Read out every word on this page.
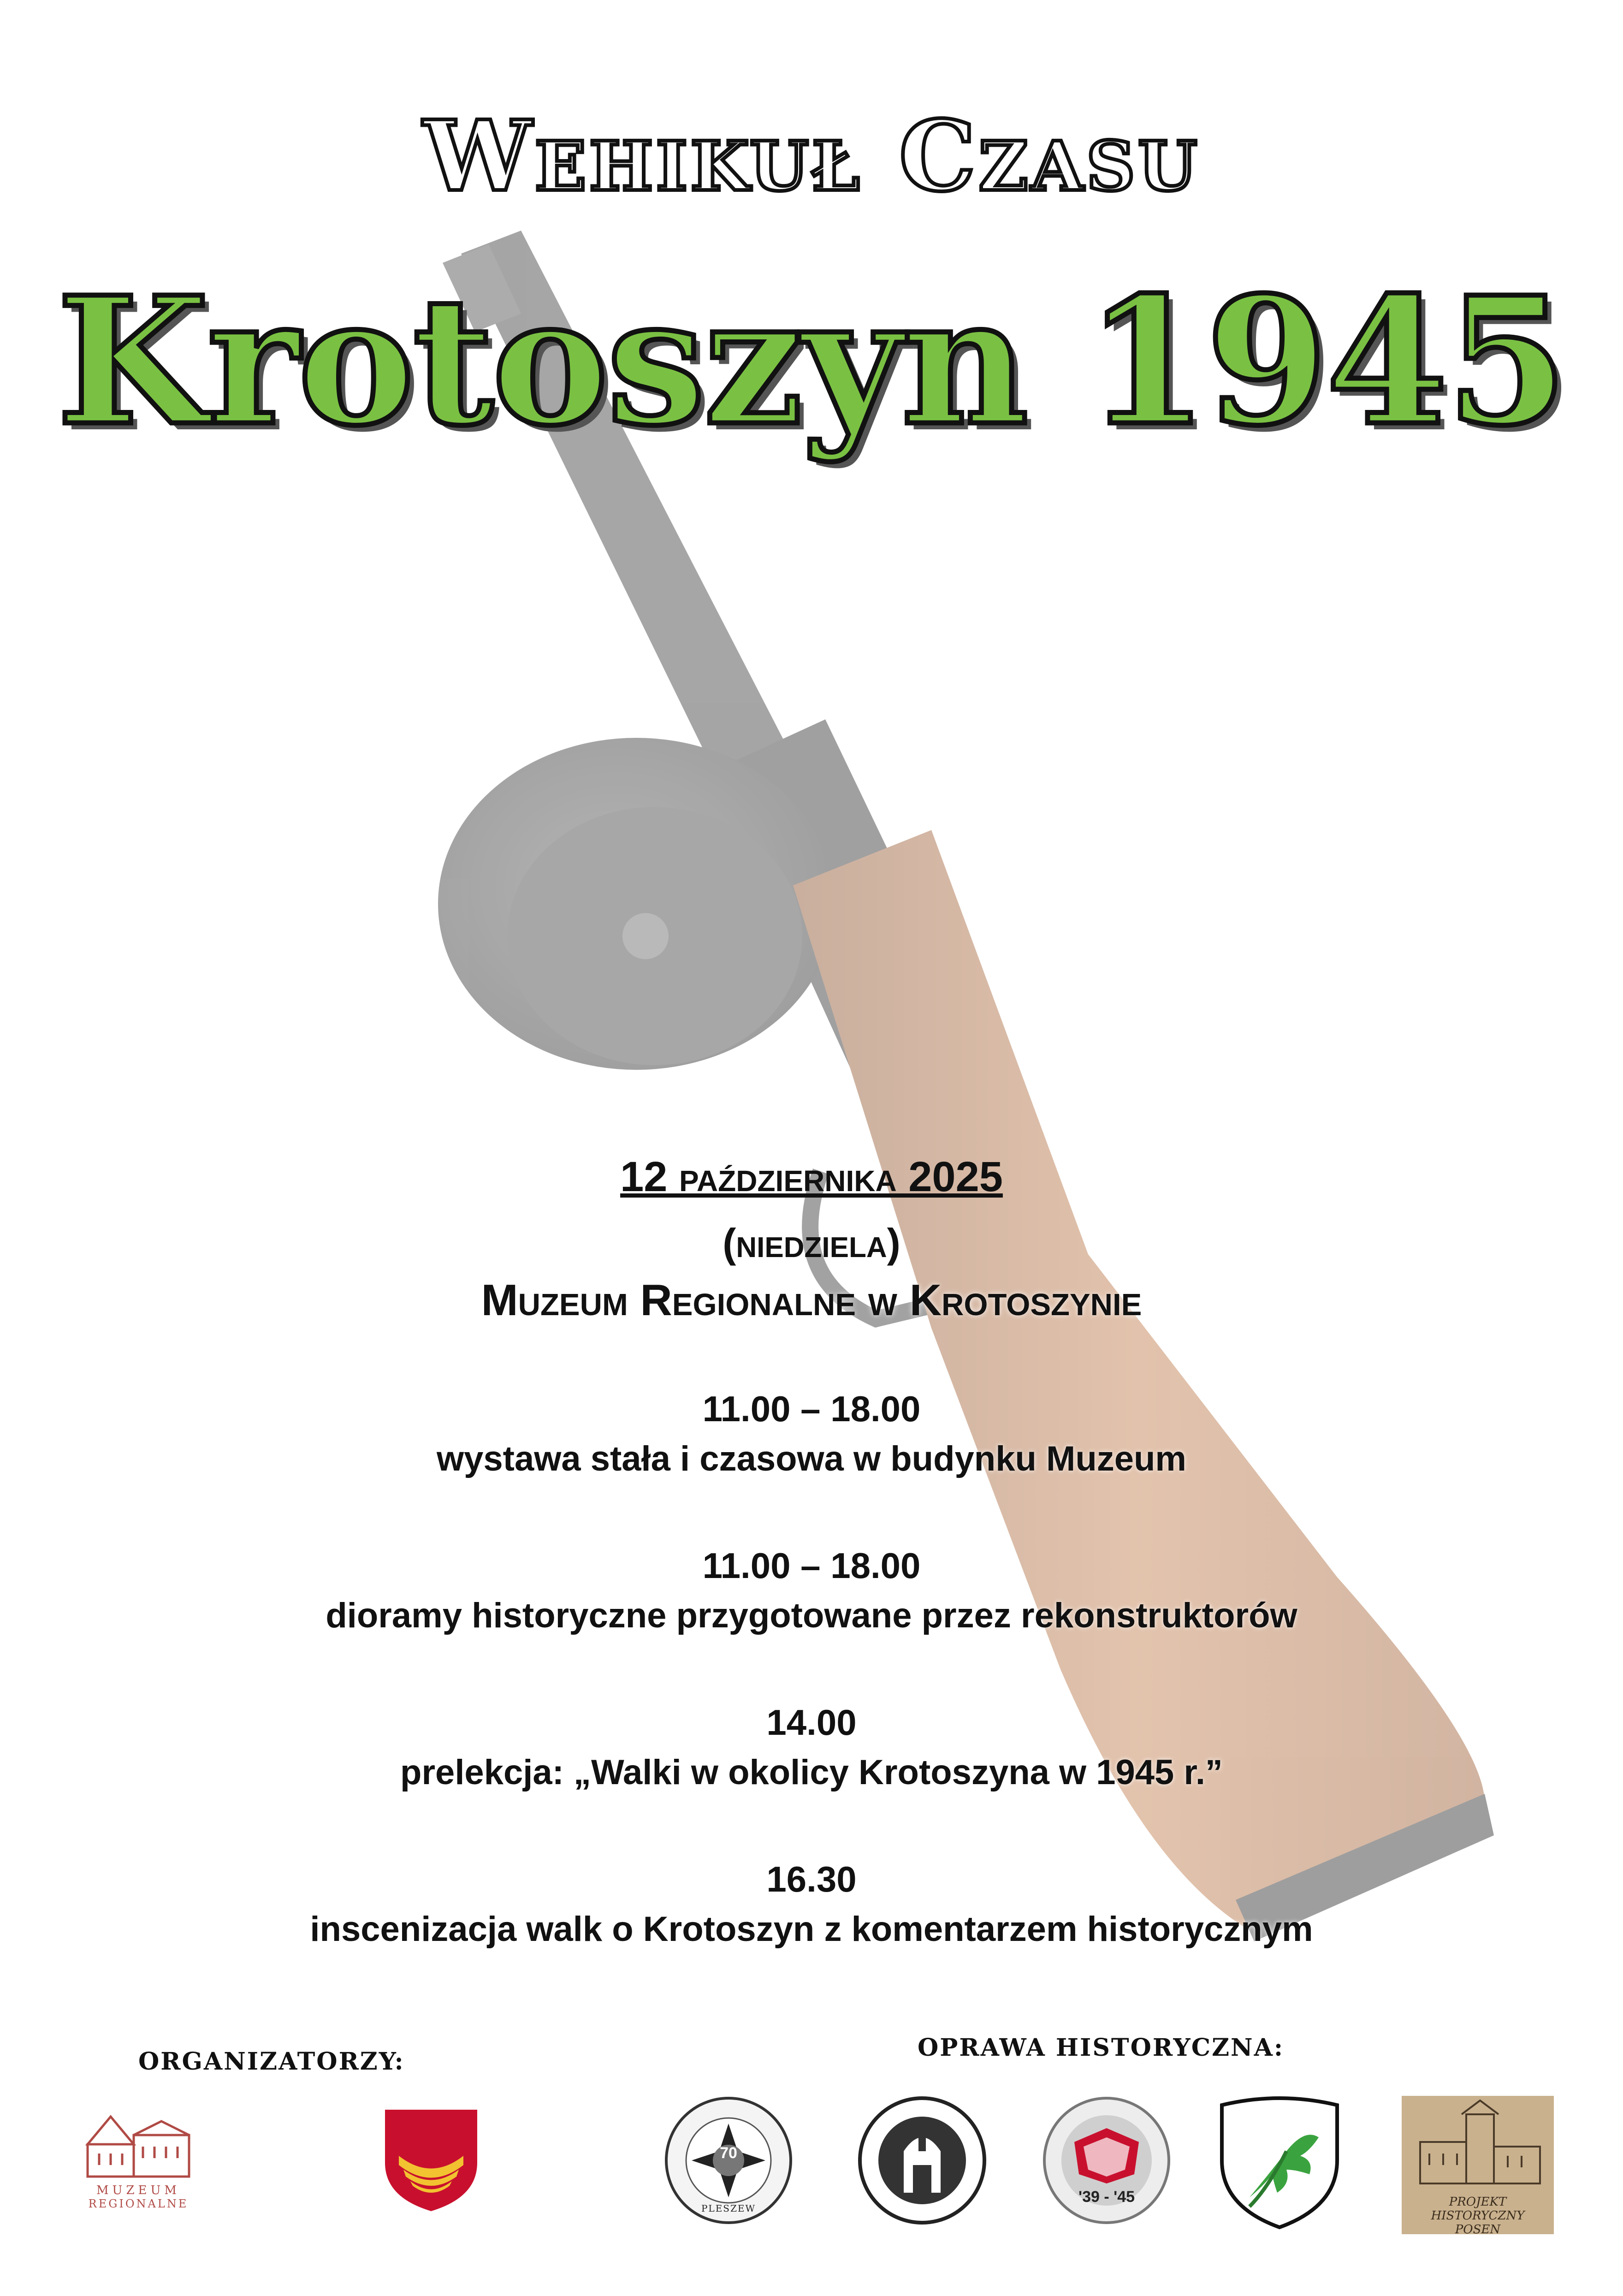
Wehikuł Czasu
Krotoszyn 1945
12 października 2025
(niedziela)
Muzeum Regionalne w Krotoszynie
11.00 – 18.00
wystawa stała i czasowa w budynku Muzeum
11.00 – 18.00
dioramy historyczne przygotowane przez rekonstruktorów
14.00
prelekcja: „Walki w okolicy Krotoszyna w 1945 r.”
16.30
inscenizacja walk o Krotoszyn z komentarzem historycznym
ORGANIZATORZY:	OPRAWA HISTORYCZNA:
MUZEUM
REGIONALNE
70
PLESZEW
'39 - '45	PROJEKT HISTORYCZNY
POSEN
